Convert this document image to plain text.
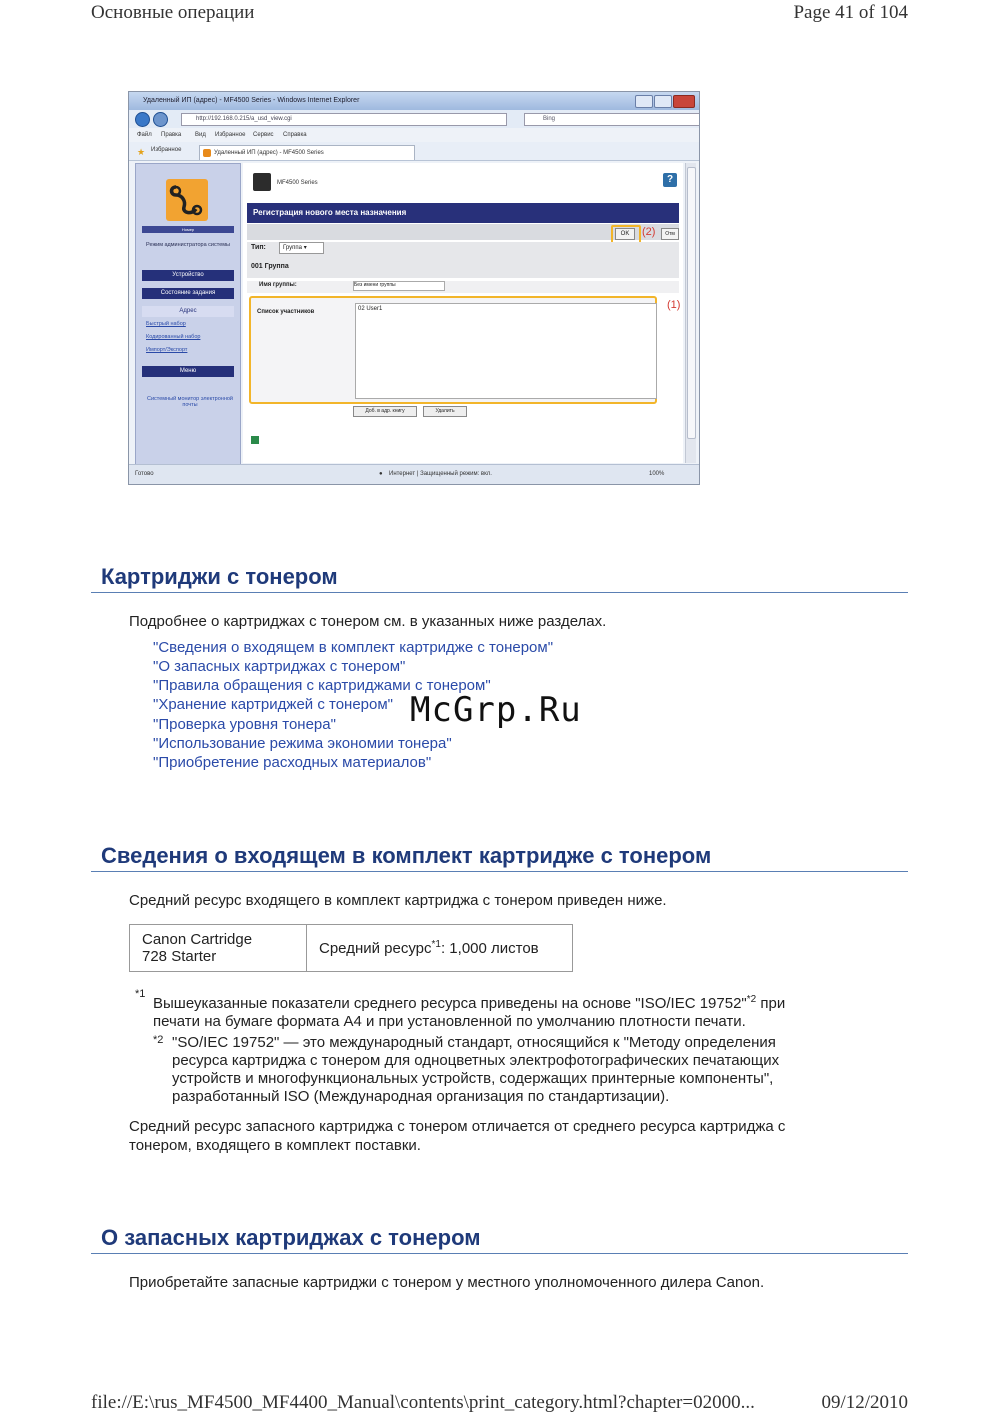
Основные операции	Page 41 of 104
Удаленный ИП (адрес) - MF4500 Series - Windows Internet Explorer
http://192.168.0.215/a_usd_view.cgi	Bing
Файл Правка Вид Избранное Сервис Справка
★ Избранное	Удаленный ИП (адрес) - MF4500 Series
Номер
Режим администратора системы
Устройство
Состояние задания
Адрес
Быстрый набор
Кодированный набор
Импорт/Экспорт
Меню
Системный монитор электронной почты
MF4500 Series	?
Регистрация нового места назначения
OK	(2)	Отм
Тип:	Группа ▾
001 Группа
Имя группы:	Без имени группы
Список участников	02 User1	(1)
Доб. в адр. книгу	Удалить
Готово	● Интернет | Защищенный режим: вкл.	100%
Картриджи с тонером
Подробнее о картриджах с тонером см. в указанных ниже разделах.
"Сведения о входящем в комплект картридже с тонером"
"О запасных картриджах с тонером"
"Правила обращения с картриджами с тонером"
"Хранение картриджей с тонером"
"Проверка уровня тонера"
"Использование режима экономии тонера"
"Приобретение расходных материалов"
McGrp.Ru
Сведения о входящем в комплект картридже с тонером
Средний ресурс входящего в комплект картриджа с тонером приведен ниже.
Canon Cartridge
728 Starter	Средний ресурс$^{*1}$: 1,000 листов
*1
Вышеуказанные показатели среднего ресурса приведены на основе "ISO/IEC 19752"$^{*2}$ при
печати на бумаге формата A4 и при установленной по умолчанию плотности печати.
*2 "SO/IEC 19752" — это международный стандарт, относящийся к "Методу определения
ресурса картриджа с тонером для одноцветных электрофотографических печатающих
устройств и многофункциональных устройств, содержащих принтерные компоненты",
разработанный ISO (Международная организация по стандартизации).
Средний ресурс запасного картриджа с тонером отличается от среднего ресурса картриджа с
тонером, входящего в комплект поставки.
О запасных картриджах с тонером
Приобретайте запасные картриджи с тонером у местного уполномоченного дилера Canon.
file://E:\rus_MF4500_MF4400_Manual\contents\print_category.html?chapter=02000...	09/12/2010
